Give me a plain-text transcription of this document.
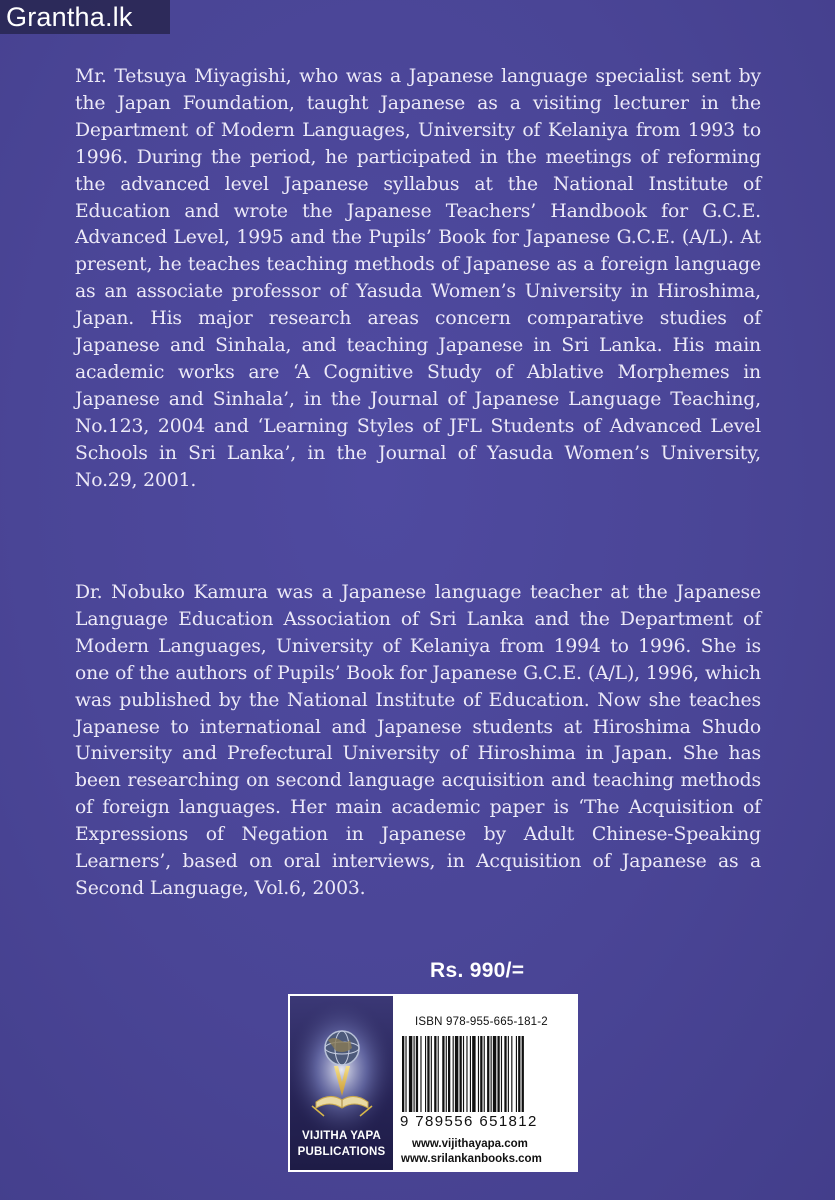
Grantha.lk

Mr. Tetsuya Miyagishi, who was a Japanese language specialist sent by the Japan Foundation, taught Japanese as a visiting lecturer in the Department of Modern Languages, University of Kelaniya from 1993 to 1996. During the period, he participated in the meetings of reforming the advanced level Japanese syllabus at the National Institute of Education and wrote the Japanese Teachers’ Handbook for G.C.E. Advanced Level, 1995 and the Pupils’ Book for Japanese G.C.E. (A/L). At present, he teaches teaching methods of Japanese as a foreign language as an associate professor of Yasuda Women’s University in Hiroshima, Japan. His major research areas concern comparative studies of Japanese and Sinhala, and teaching Japanese in Sri Lanka. His main academic works are ‘A Cognitive Study of Ablative Morphemes in Japanese and Sinhala’, in the Journal of Japanese Language Teaching, No.123, 2004 and ‘Learning Styles of JFL Students of Advanced Level Schools in Sri Lanka’, in the Journal of Yasuda Women’s University, No.29, 2001.

Dr. Nobuko Kamura was a Japanese language teacher at the Japanese Language Education Association of Sri Lanka and the Department of Modern Languages, University of Kelaniya from 1994 to 1996. She is one of the authors of Pupils’ Book for Japanese G.C.E. (A/L), 1996, which was published by the National Institute of Education. Now she teaches Japanese to international and Japanese students at Hiroshima Shudo University and Prefectural University of Hiroshima in Japan. She has been researching on second language acquisition and teaching methods of foreign languages. Her main academic paper is ‘The Acquisition of Expressions of Negation in Japanese by Adult Chinese-Speaking Learners’, based on oral interviews, in Acquisition of Japanese as a Second Language, Vol.6, 2003.

Rs. 990/=
VIJITHA YAPA
PUBLICATIONS
ISBN 978-955-665-181-2
9 789556 651812
www.vijithayapa.com
www.srilankanbooks.com
